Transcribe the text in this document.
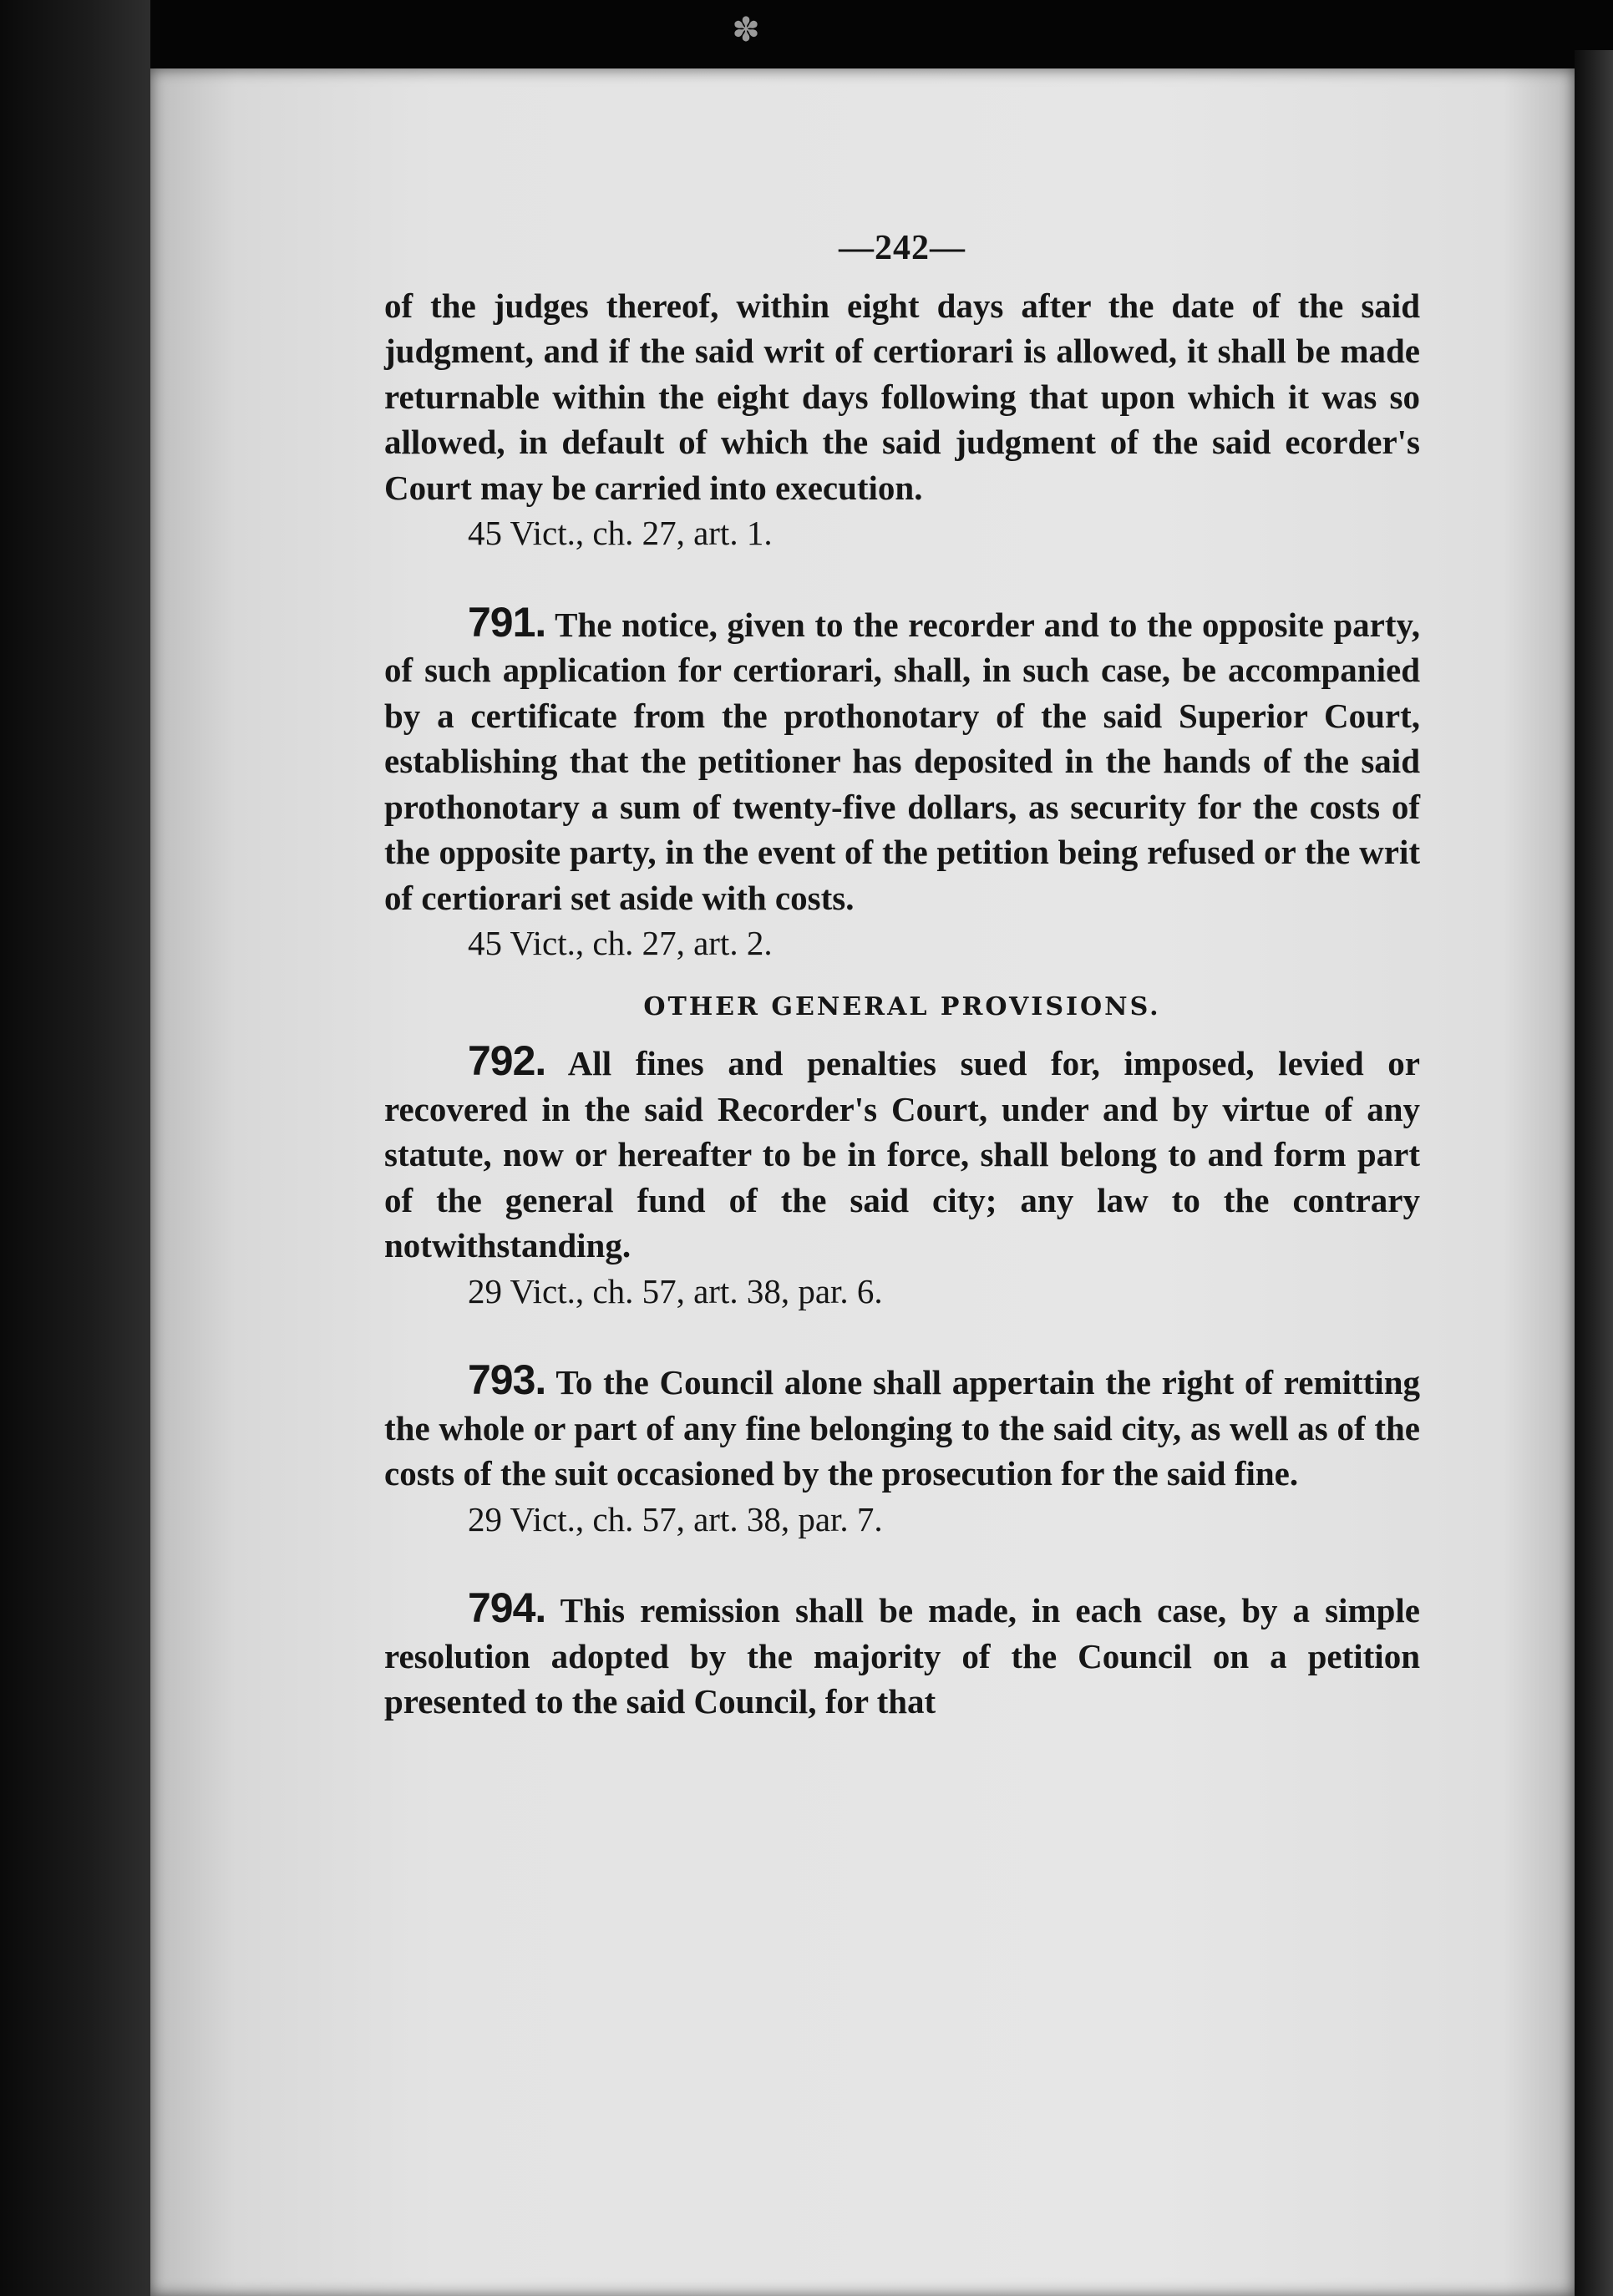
✽
—242—

of the judges thereof, within eight days after the date of the said judgment, and if the said writ of certiorari is allowed, it shall be made returnable within the eight days following that upon which it was so allowed, in default of which the said judgment of the said ecorder's Court may be carried into execution.

45 Vict., ch. 27, art. 1.

791. The notice, given to the recorder and to the opposite party, of such application for certiorari, shall, in such case, be accompanied by a certificate from the prothonotary of the said Superior Court, establishing that the petitioner has deposited in the hands of the said prothonotary a sum of twenty-five dollars, as security for the costs of the opposite party, in the event of the petition being refused or the writ of certiorari set aside with costs.

45 Vict., ch. 27, art. 2.

OTHER GENERAL PROVISIONS.

792. All fines and penalties sued for, imposed, levied or recovered in the said Recorder's Court, under and by virtue of any statute, now or hereafter to be in force, shall belong to and form part of the general fund of the said city; any law to the contrary notwithstanding.

29 Vict., ch. 57, art. 38, par. 6.

793. To the Council alone shall appertain the right of remitting the whole or part of any fine belonging to the said city, as well as of the costs of the suit occasioned by the prosecution for the said fine.

29 Vict., ch. 57, art. 38, par. 7.

794. This remission shall be made, in each case, by a simple resolution adopted by the majority of the Council on a petition presented to the said Council, for that
